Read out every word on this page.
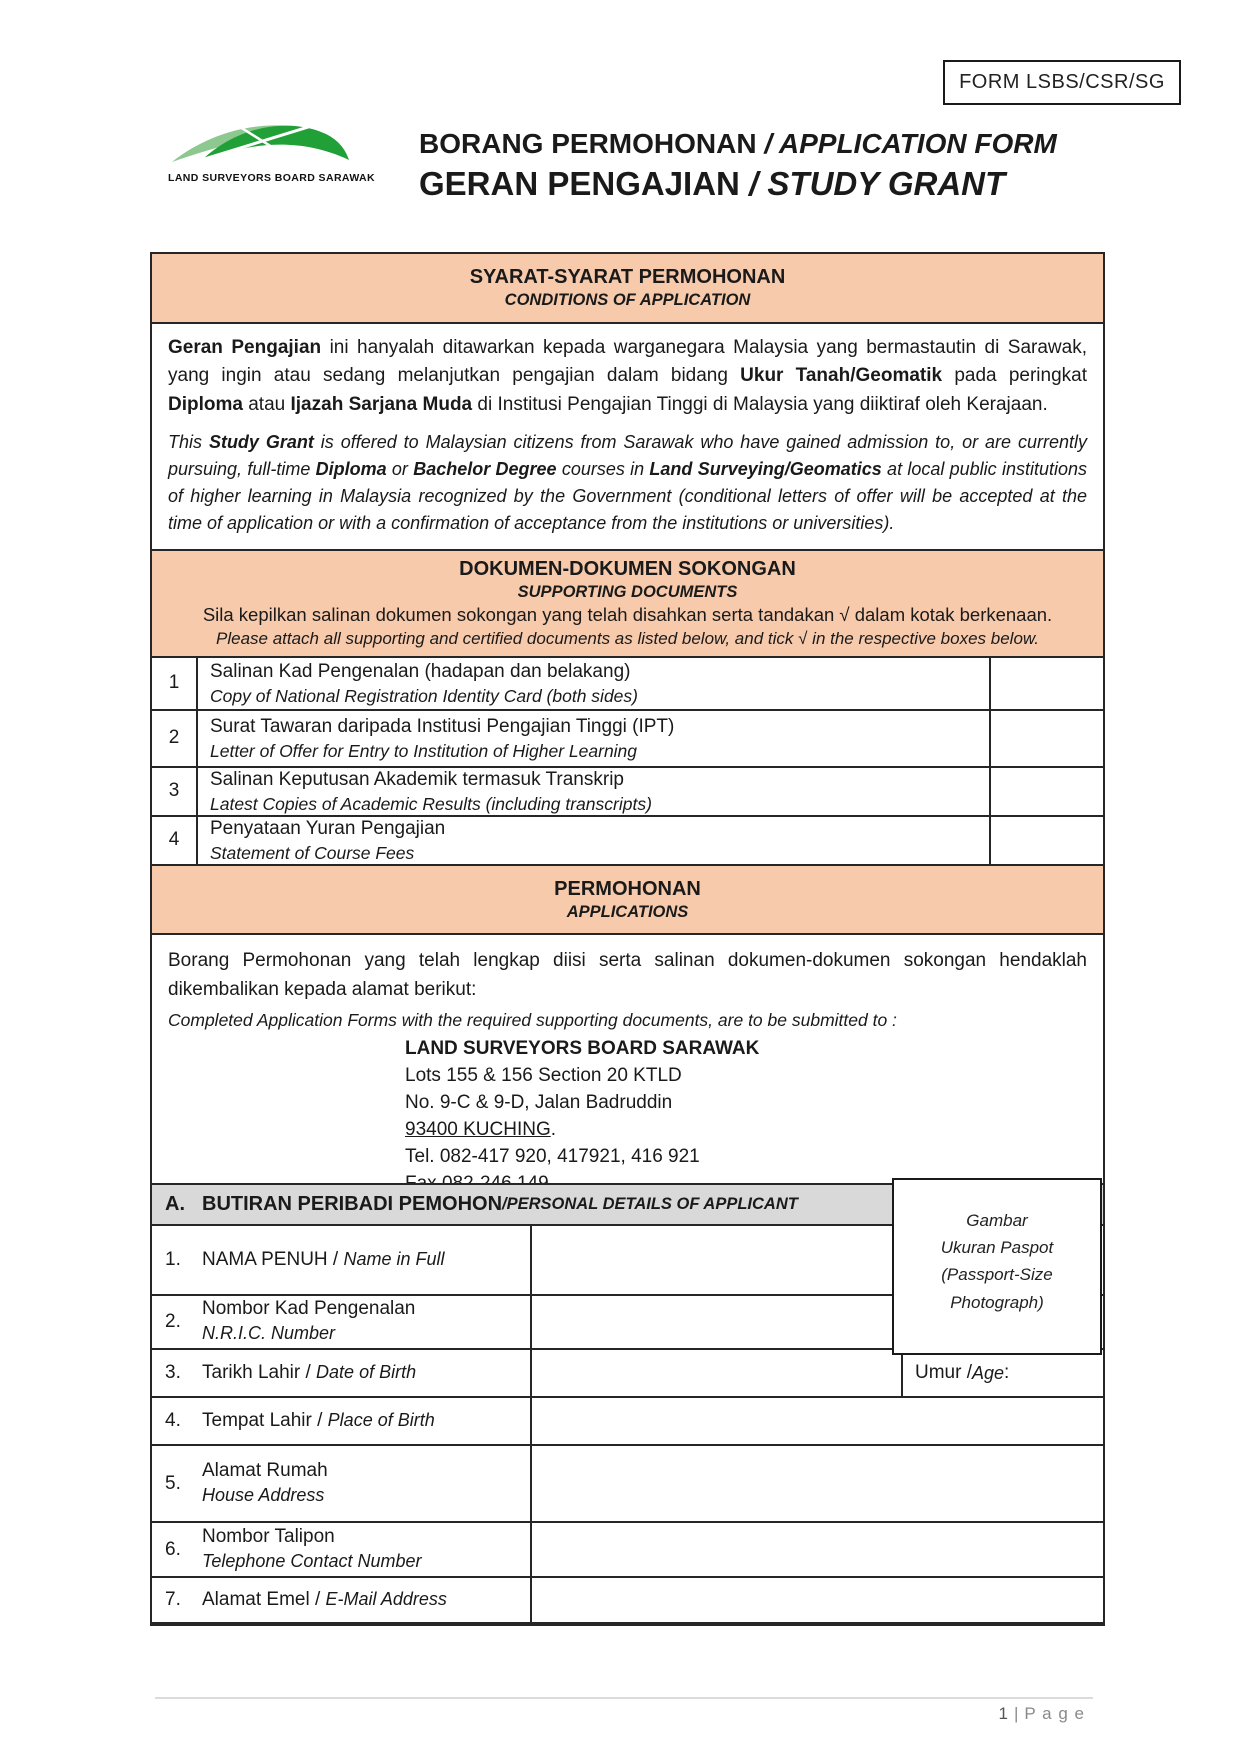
FORM LSBS/CSR/SG
LAND SURVEYORS BOARD SARAWAK
BORANG PERMOHONAN / APPLICATION FORM
GERAN PENGAJIAN / STUDY GRANT
SYARAT-SYARAT PERMOHONAN
CONDITIONS OF APPLICATION

Geran Pengajian ini hanyalah ditawarkan kepada warganegara Malaysia yang bermastautin di Sarawak, yang ingin atau sedang melanjutkan pengajian dalam bidang Ukur Tanah/Geomatik pada peringkat Diploma atau Ijazah Sarjana Muda di Institusi Pengajian Tinggi di Malaysia yang diiktiraf oleh Kerajaan.

This Study Grant is offered to Malaysian citizens from Sarawak who have gained admission to, or are currently pursuing, full-time Diploma or Bachelor Degree courses in Land Surveying/Geomatics at local public institutions of higher learning in Malaysia recognized by the Government (conditional letters of offer will be accepted at the time of application or with a confirmation of acceptance from the institutions or universities).

DOKUMEN-DOKUMEN SOKONGAN
SUPPORTING DOCUMENTS
Sila kepilkan salinan dokumen sokongan yang telah disahkan serta tandakan √ dalam kotak berkenaan.
Please attach all supporting and certified documents as listed below, and tick √ in the respective boxes below.
1
Salinan Kad Pengenalan (hadapan dan belakang)
Copy of National Registration Identity Card (both sides)
2
Surat Tawaran daripada Institusi Pengajian Tinggi (IPT)
Letter of Offer for Entry to Institution of Higher Learning
3
Salinan Keputusan Akademik termasuk Transkrip
Latest Copies of Academic Results (including transcripts)
4
Penyataan Yuran Pengajian
Statement of Course Fees
PERMOHONAN
APPLICATIONS

Borang Permohonan yang telah lengkap diisi serta salinan dokumen-dokumen sokongan hendaklah dikembalikan kepada alamat berikut:

Completed Application Forms with the required supporting documents, are to be submitted to :

LAND SURVEYORS BOARD SARAWAK
Lots 155 & 156 Section 20 KTLD
No. 9-C & 9-D, Jalan Badruddin
93400 KUCHING.
Tel. 082-417 920, 417921, 416 921
A. BUTIRAN PERIBADI PEMOHON / PERSONAL DETAILS OF APPLICANT
1.	NAMA PENUH / Name in Full
2.
Nombor Kad Pengenalan
N.R.I.C. Number
3.	Tarikh Lahir / Date of Birth	Umur / Age :
4.	Tempat Lahir / Place of Birth
5.
Alamat Rumah
House Address
6.
Nombor Talipon
Telephone Contact Number
7.	Alamat Emel / E-Mail Address
Gambar
Ukuran Paspot
(Passport-Size
Photograph)
1 | P a g e
